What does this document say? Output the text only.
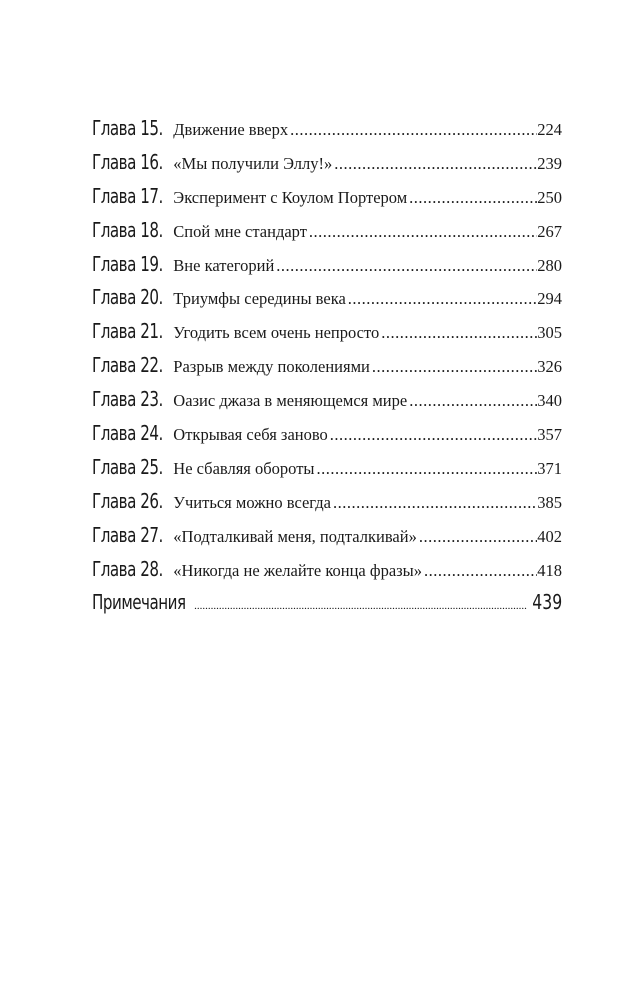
Глава 15. Движение вверх .....	224
Глава 16. «Мы получили Эллу!» .....	239
Глава 17. Эксперимент с Коулом Портером .....	250
Глава 18. Спой мне стандарт .....	267
Глава 19. Вне категорий .....	280
Глава 20. Триумфы середины века .....	294
Глава 21. Угодить всем очень непросто .....	305
Глава 22. Разрыв между поколениями .....	326
Глава 23. Оазис джаза в меняющемся мире .....	340
Глава 24. Открывая себя заново .....	357
Глава 25. Не сбавляя обороты .....	371
Глава 26. Учиться можно всегда .....	385
Глава 27. «Подталкивай меня, подталкивай» .....	402
Глава 28. «Никогда не желайте конца фразы» .....	418
Примечания .....	439
